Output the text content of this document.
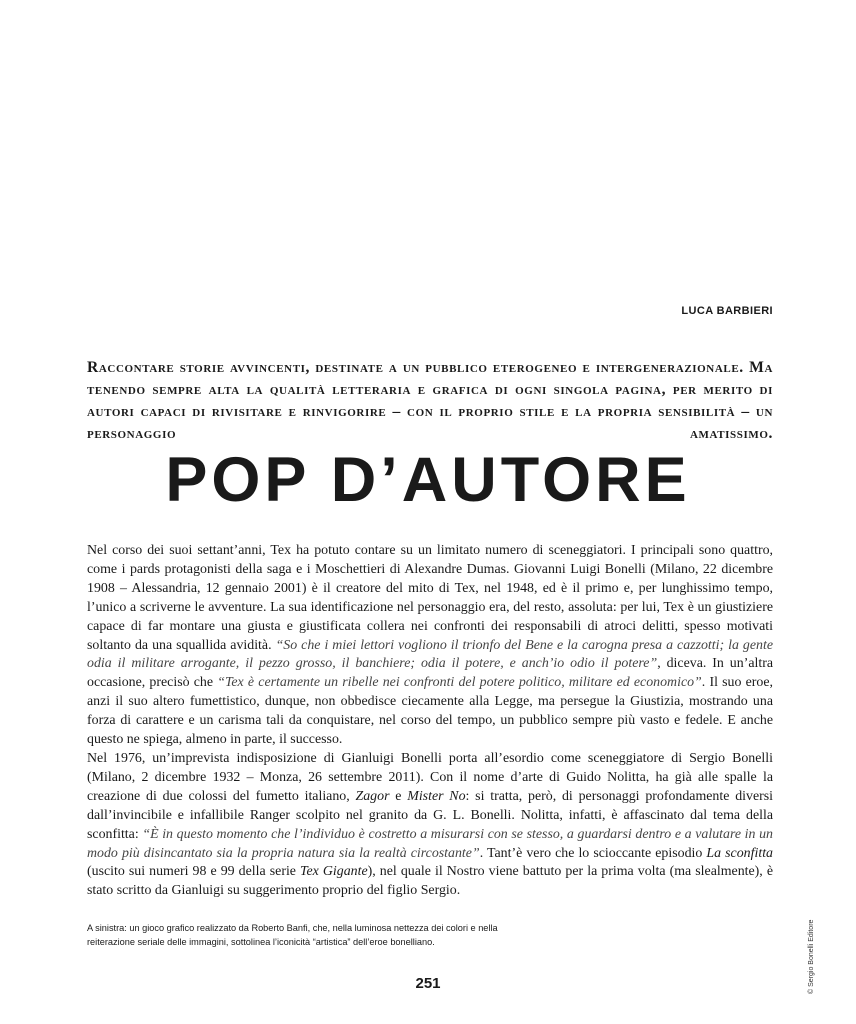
LUCA BARBIERI
Raccontare storie avvincenti, destinate a un pubblico eterogeneo e intergenerazionale. Ma tenendo sempre alta la qualità letteraria e grafica di ogni singola pagina, per merito di autori capaci di rivisitare e rinvigorire – con il proprio stile e la propria sensibilità – un personaggio amatissimo.
POP D’AUTORE

Nel corso dei suoi settant’anni, Tex ha potuto contare su un limitato numero di sceneggiatori. I principali sono quattro, come i pards protagonisti della saga e i Moschettieri di Alexandre Dumas. Giovanni Luigi Bonelli (Milano, 22 dicembre 1908 – Alessandria, 12 gennaio 2001) è il creatore del mito di Tex, nel 1948, ed è il primo e, per lunghissimo tempo, l’unico a scriverne le avventure. La sua identificazione nel personaggio era, del resto, assoluta: per lui, Tex è un giustiziere capace di far montare una giusta e giustificata collera nei confronti dei responsabili di atroci delitti, spesso motivati soltanto da una squallida avidità. “So che i miei lettori vogliono il trionfo del Bene e la carogna presa a cazzotti; la gente odia il militare arrogante, il pezzo grosso, il banchiere; odia il potere, e anch’io odio il potere”, diceva. In un’altra occasione, precisò che “Tex è certamente un ribelle nei confronti del potere politico, militare ed economico”. Il suo eroe, anzi il suo altero fumettistico, dunque, non obbedisce ciecamente alla Legge, ma persegue la Giustizia, mostrando una forza di carattere e un carisma tali da conquistare, nel corso del tempo, un pubblico sempre più vasto e fedele. E anche questo ne spiega, almeno in parte, il successo.

Nel 1976, un’imprevista indisposizione di Gianluigi Bonelli porta all’esordio come sceneggiatore di Sergio Bonelli (Milano, 2 dicembre 1932 – Monza, 26 settembre 2011). Con il nome d’arte di Guido Nolitta, ha già alle spalle la creazione di due colossi del fumetto italiano, Zagor e Mister No: si tratta, però, di personaggi profondamente diversi dall’invincibile e infallibile Ranger scolpito nel granito da G. L. Bonelli. Nolitta, infatti, è affascinato dal tema della sconfitta: “È in questo momento che l’individuo è costretto a misurarsi con se stesso, a guardarsi dentro e a valutare in un modo più disincantato sia la propria natura sia la realtà circostante”. Tant’è vero che lo scioccante episodio La sconfitta (uscito sui numeri 98 e 99 della serie Tex Gigante), nel quale il Nostro viene battuto per la prima volta (ma slealmente), è stato scritto da Gianluigi su suggerimento proprio del figlio Sergio.

A sinistra: un gioco grafico realizzato da Roberto Banfi, che, nella luminosa nettezza dei colori e nella reiterazione seriale delle immagini, sottolinea l’iconicità “artistica” dell’eroe bonelliano.
251	© Sergio Bonelli Editore
